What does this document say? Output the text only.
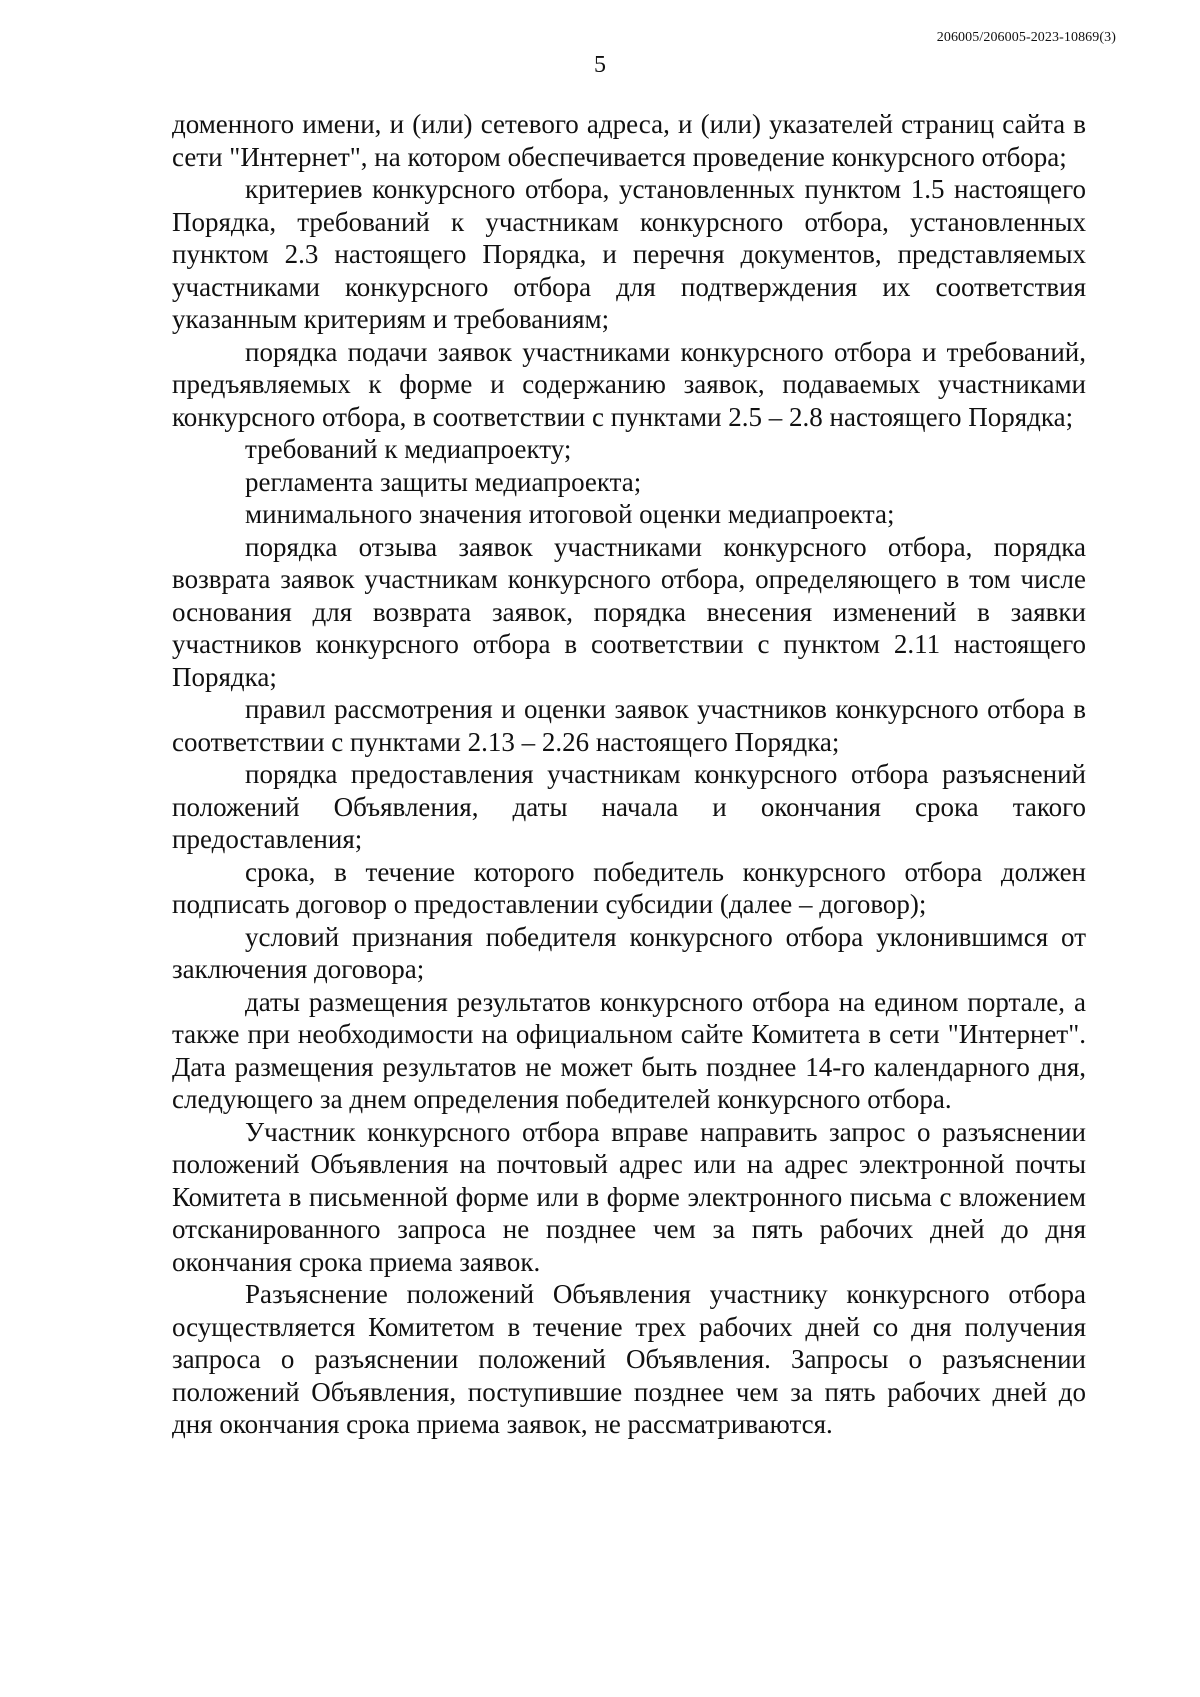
206005/206005-2023-10869(3)
5

доменного имени, и (или) сетевого адреса, и (или) указателей страниц сайта в сети "Интернет", на котором обеспечивается проведение конкурсного отбора;

критериев конкурсного отбора, установленных пунктом 1.5 настоящего Порядка, требований к участникам конкурсного отбора, установленных пунктом 2.3 настоящего Порядка, и перечня документов, представляемых участниками конкурсного отбора для подтверждения их соответствия указанным критериям и требованиям;

порядка подачи заявок участниками конкурсного отбора и требований, предъявляемых к форме и содержанию заявок, подаваемых участниками конкурсного отбора, в соответствии с пунктами 2.5 – 2.8 настоящего Порядка;

требований к медиапроекту;

регламента защиты медиапроекта;

минимального значения итоговой оценки медиапроекта;

порядка отзыва заявок участниками конкурсного отбора, порядка возврата заявок участникам конкурсного отбора, определяющего в том числе основания для возврата заявок, порядка внесения изменений в заявки участников конкурсного отбора в соответствии с пунктом 2.11 настоящего Порядка;

правил рассмотрения и оценки заявок участников конкурсного отбора в соответствии с пунктами 2.13 – 2.26 настоящего Порядка;

порядка предоставления участникам конкурсного отбора разъяснений положений Объявления, даты начала и окончания срока такого предоставления;

срока, в течение которого победитель конкурсного отбора должен подписать договор о предоставлении субсидии (далее – договор);

условий признания победителя конкурсного отбора уклонившимся от заключения договора;

даты размещения результатов конкурсного отбора на едином портале, а также при необходимости на официальном сайте Комитета в сети "Интернет". Дата размещения результатов не может быть позднее 14-го календарного дня, следующего за днем определения победителей конкурсного отбора.

Участник конкурсного отбора вправе направить запрос о разъяснении положений Объявления на почтовый адрес или на адрес электронной почты Комитета в письменной форме или в форме электронного письма с вложением отсканированного запроса не позднее чем за пять рабочих дней до дня окончания срока приема заявок.

Разъяснение положений Объявления участнику конкурсного отбора осуществляется Комитетом в течение трех рабочих дней со дня получения запроса о разъяснении положений Объявления. Запросы о разъяснении положений Объявления, поступившие позднее чем за пять рабочих дней до дня окончания срока приема заявок, не рассматриваются.
